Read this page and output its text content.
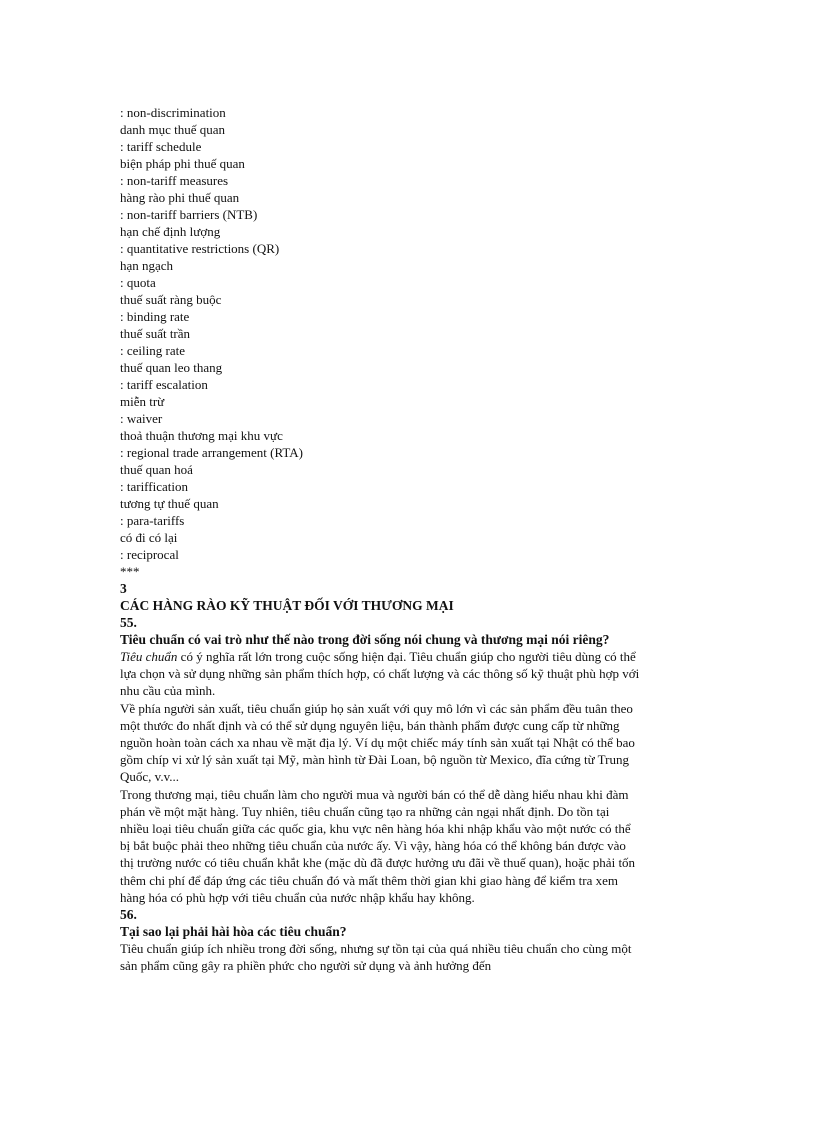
: non-discrimination
danh mục thuế quan
: tariff schedule
biện pháp phi thuế quan
: non-tariff measures
hàng rào phi thuế quan
: non-tariff barriers (NTB)
hạn chế định lượng
: quantitative restrictions (QR)
hạn ngạch
: quota
thuế suất ràng buộc
: binding rate
thuế suất trần
: ceiling rate
thuế quan leo thang
: tariff escalation
miễn trừ
: waiver
thoả thuận thương mại khu vực
: regional trade arrangement (RTA)
thuế quan hoá
: tariffication
tương tự thuế quan
: para-tariffs
có đi có lại
: reciprocal
***
3
CÁC HÀNG RÀO KỸ THUẬT ĐỐI VỚI THƯƠNG MẠI
55.
Tiêu chuẩn có vai trò như thế nào trong đời sống nói chung và thương mại nói riêng?
Tiêu chuẩn có ý nghĩa rất lớn trong cuộc sống hiện đại. Tiêu chuẩn giúp cho người tiêu dùng có thể lựa chọn và sử dụng những sản phẩm thích hợp, có chất lượng và các thông số kỹ thuật phù hợp với nhu cầu của mình.
Về phía người sản xuất, tiêu chuẩn giúp họ sản xuất với quy mô lớn vì các sản phẩm đều tuân theo một thước đo nhất định và có thể sử dụng nguyên liệu, bán thành phẩm được cung cấp từ những nguồn hoàn toàn cách xa nhau về mặt địa lý. Ví dụ một chiếc máy tính sản xuất tại Nhật có thể bao gồm chíp vi xử lý sản xuất tại Mỹ, màn hình từ Đài Loan, bộ nguồn từ Mexico, đĩa cứng từ Trung Quốc, v.v...
Trong thương mại, tiêu chuẩn làm cho người mua và người bán có thể dễ dàng hiểu nhau khi đàm phán về một mặt hàng. Tuy nhiên, tiêu chuẩn cũng tạo ra những cản ngại nhất định. Do tồn tại nhiều loại tiêu chuẩn giữa các quốc gia, khu vực nên hàng hóa khi nhập khẩu vào một nước có thể bị bắt buộc phải theo những tiêu chuẩn của nước ấy. Vì vậy, hàng hóa có thể không bán được vào thị trường nước có tiêu chuẩn khắt khe (mặc dù đã được hưởng ưu đãi về thuế quan), hoặc phải tốn thêm chi phí để đáp ứng các tiêu chuẩn đó và mất thêm thời gian khi giao hàng để kiểm tra xem hàng hóa có phù hợp với tiêu chuẩn của nước nhập khẩu hay không.
56.
Tại sao lại phải hài hòa các tiêu chuẩn?
Tiêu chuẩn giúp ích nhiều trong đời sống, nhưng sự tồn tại của quá nhiều tiêu chuẩn cho cùng một sản phẩm cũng gây ra phiền phức cho người sử dụng và ảnh hưởng đến
